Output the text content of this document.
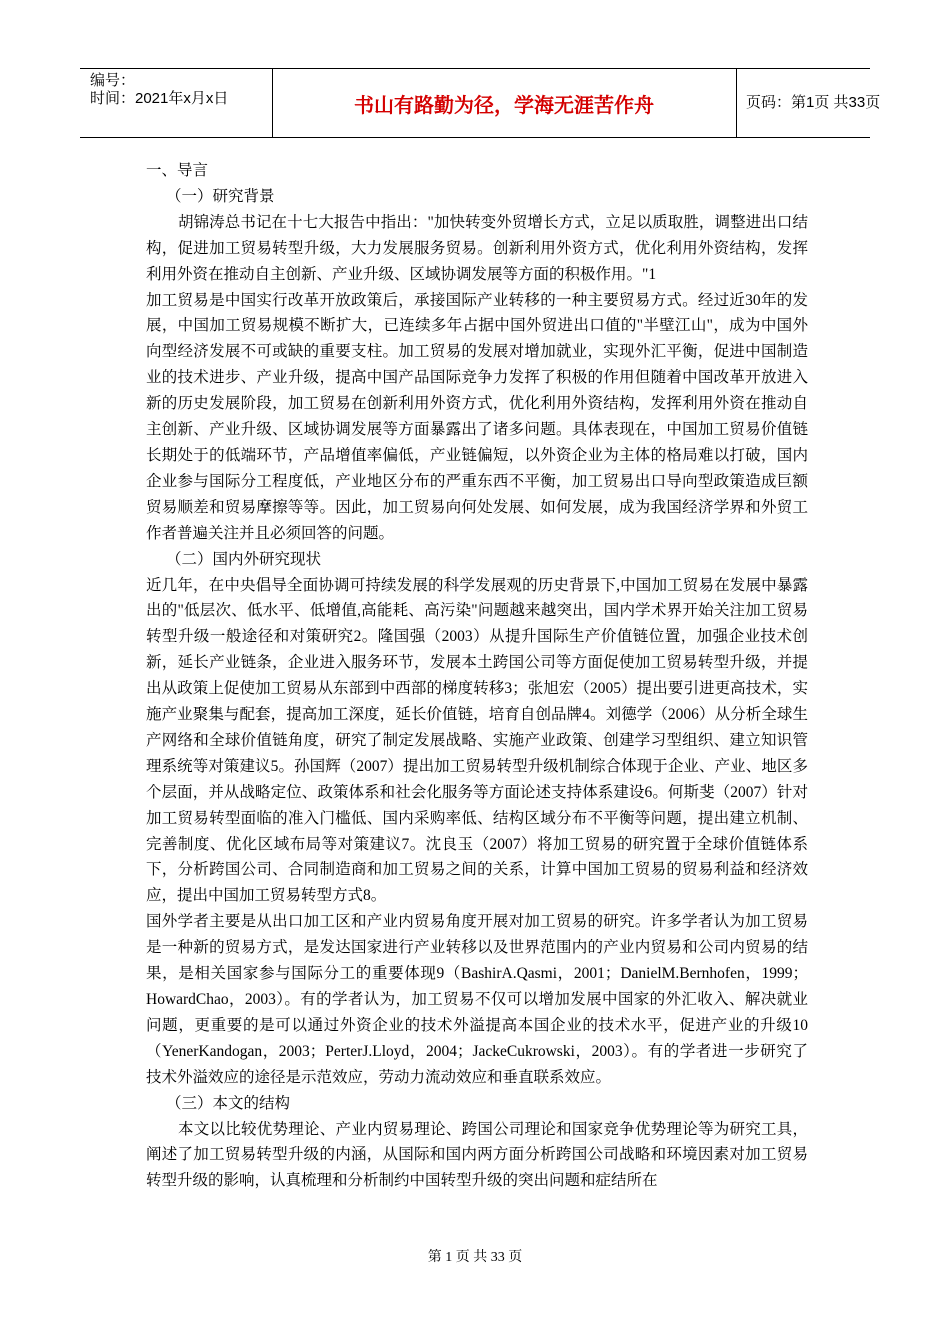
编号：
时间：2021年x月x日	书山有路勤为径，学海无涯苦作舟	页码：第1页 共33页

一、导言

（一）研究背景

胡锦涛总书记在十七大报告中指出："加快转变外贸增长方式，立足以质取胜，调整进出口结构，促进加工贸易转型升级，大力发展服务贸易。创新利用外资方式，优化利用外资结构，发挥利用外资在推动自主创新、产业升级、区域协调发展等方面的积极作用。"1

加工贸易是中国实行改革开放政策后，承接国际产业转移的一种主要贸易方式。经过近30年的发展，中国加工贸易规模不断扩大，已连续多年占据中国外贸进出口值的"半壁江山"，成为中国外向型经济发展不可或缺的重要支柱。加工贸易的发展对增加就业，实现外汇平衡，促进中国制造业的技术进步、产业升级，提高中国产品国际竞争力发挥了积极的作用但随着中国改革开放进入新的历史发展阶段，加工贸易在创新利用外资方式，优化利用外资结构，发挥利用外资在推动自主创新、产业升级、区域协调发展等方面暴露出了诸多问题。具体表现在，中国加工贸易价值链长期处于的低端环节，产品增值率偏低，产业链偏短，以外资企业为主体的格局难以打破，国内企业参与国际分工程度低，产业地区分布的严重东西不平衡，加工贸易出口导向型政策造成巨额贸易顺差和贸易摩擦等等。因此，加工贸易向何处发展、如何发展，成为我国经济学界和外贸工作者普遍关注并且必须回答的问题。

（二）国内外研究现状

近几年，在中央倡导全面协调可持续发展的科学发展观的历史背景下,中国加工贸易在发展中暴露出的"低层次、低水平、低增值,高能耗、高污染"问题越来越突出，国内学术界开始关注加工贸易转型升级一般途径和对策研究2。隆国强（2003）从提升国际生产价值链位置，加强企业技术创新，延长产业链条，企业进入服务环节，发展本土跨国公司等方面促使加工贸易转型升级，并提出从政策上促使加工贸易从东部到中西部的梯度转移3；张旭宏（2005）提出要引进更高技术，实施产业聚集与配套，提高加工深度，延长价值链，培育自创品牌4。刘德学（2006）从分析全球生产网络和全球价值链角度，研究了制定发展战略、实施产业政策、创建学习型组织、建立知识管理系统等对策建议5。孙国辉（2007）提出加工贸易转型升级机制综合体现于企业、产业、地区多个层面，并从战略定位、政策体系和社会化服务等方面论述支持体系建设6。何斯斐（2007）针对加工贸易转型面临的准入门槛低、国内采购率低、结构区域分布不平衡等问题，提出建立机制、完善制度、优化区域布局等对策建议7。沈良玉（2007）将加工贸易的研究置于全球价值链体系下，分析跨国公司、合同制造商和加工贸易之间的关系，计算中国加工贸易的贸易利益和经济效应，提出中国加工贸易转型方式8。

国外学者主要是从出口加工区和产业内贸易角度开展对加工贸易的研究。许多学者认为加工贸易是一种新的贸易方式，是发达国家进行产业转移以及世界范围内的产业内贸易和公司内贸易的结果，是相关国家参与国际分工的重要体现9（BashirA.Qasmi，2001；DanielM.Bernhofen，1999；HowardChao，2003）。有的学者认为，加工贸易不仅可以增加发展中国家的外汇收入、解决就业问题，更重要的是可以通过外资企业的技术外溢提高本国企业的技术水平，促进产业的升级10（YenerKandogan，2003；PerterJ.Lloyd，2004；JackeCukrowski，2003）。有的学者进一步研究了技术外溢效应的途径是示范效应，劳动力流动效应和垂直联系效应。

（三）本文的结构

本文以比较优势理论、产业内贸易理论、跨国公司理论和国家竞争优势理论等为研究工具，阐述了加工贸易转型升级的内涵，从国际和国内两方面分析跨国公司战略和环境因素对加工贸易转型升级的影响，认真梳理和分析制约中国转型升级的突出问题和症结所在

第 1 页 共 33 页
